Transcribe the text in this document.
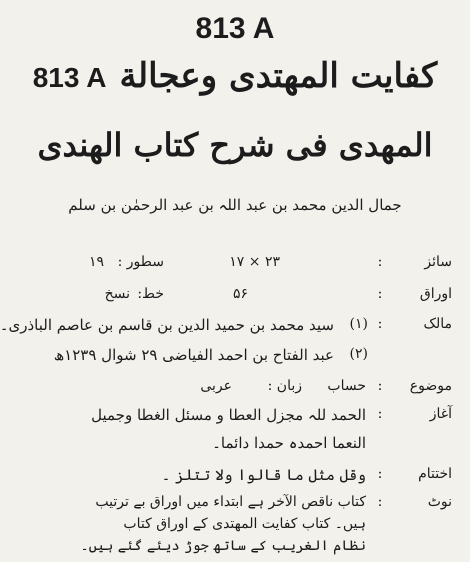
813 A
کفایت المهتدی وعجالة 813 A
المهدی فی شرح کتاب الهندی
جمال الدین محمد بن عبد اللہ بن عبد الرحمٰن بن سلم
سائز
:
۲۳ × ۱۷
سطور :
۱۹
اوراق
:
۵۶
خط:
نسخ
مالک
:
(۱)
سید محمد بن حمید الدین بن قاسم بن عاصم الباذری۔
(۲)
عبد الفتاح بن احمد الفیاضی ۲۹ شوال ۱۲۳۹ھ
موضوع
:
حساب
زبان :
عربی
آغاز
:
الحمد للہ مجزل العطا و مسئل الغطا وجمیل
النعما احمدہ حمدا دائما۔
اختتام
:
وقل مثل ما قالوا ولا تتلز ۔
نوٹ
:
کتاب ناقص الآخر ہے ابتداء میں اوراق بے ترتیب
ہیں۔ کتاب کفایت المهتدی کے اوراق کتاب
نظام الغریب کے ساتھ جوڑ دیئے گئے ہیں۔
